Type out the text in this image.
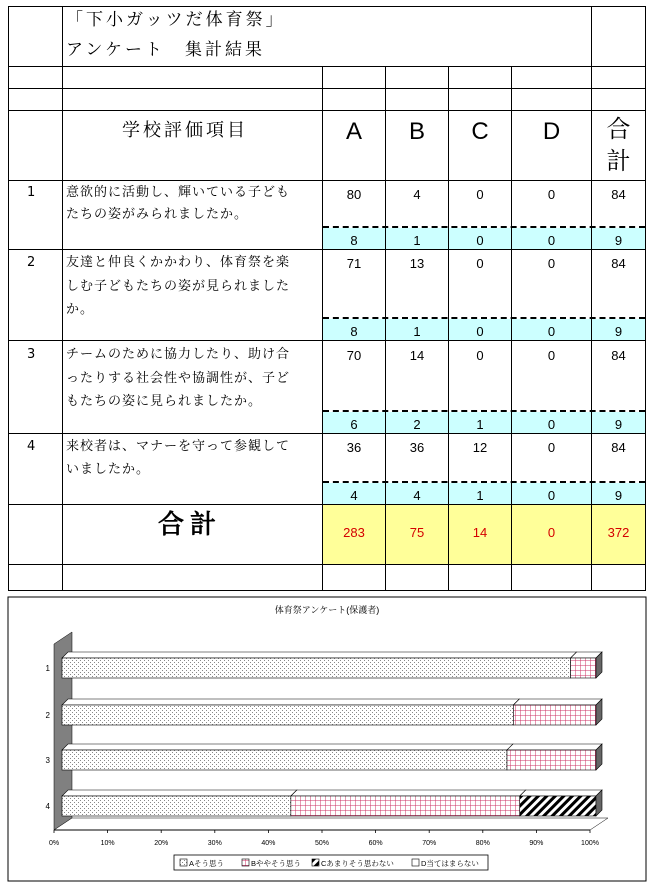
「下小ガッツだ体育祭」
アンケート　集計結果
学校評価項目	A	B	C	D	合
計
1 意欲的に活動し、輝いている子ども
たちの姿がみられましたか。
80	4	0	0	84
8	1	0	0	9
2 友達と仲良くかかわり、体育祭を楽
しむ子どもたちの姿が見られました
か。
71	13	0	0	84
8	1	0	0	9
3 チームのために協力したり、助け合
ったりする社会性や協調性が、子ど
もたちの姿に見られましたか。
70	14	0	0	84
6	2	1	0	9
4 来校者は、マナーを守って参観して
いましたか。
36	36	12	0	84
4	4	1	0	9
合計	283	75	14	0	372
体育祭アンケート(保護者)
0%	10%	20%	30%	40%	50%	60%	70%	80%	90%	100%
1
2
3
4
Aそう思う	Bややそう思う	Cあまりそう思わない	D当てはまらない
